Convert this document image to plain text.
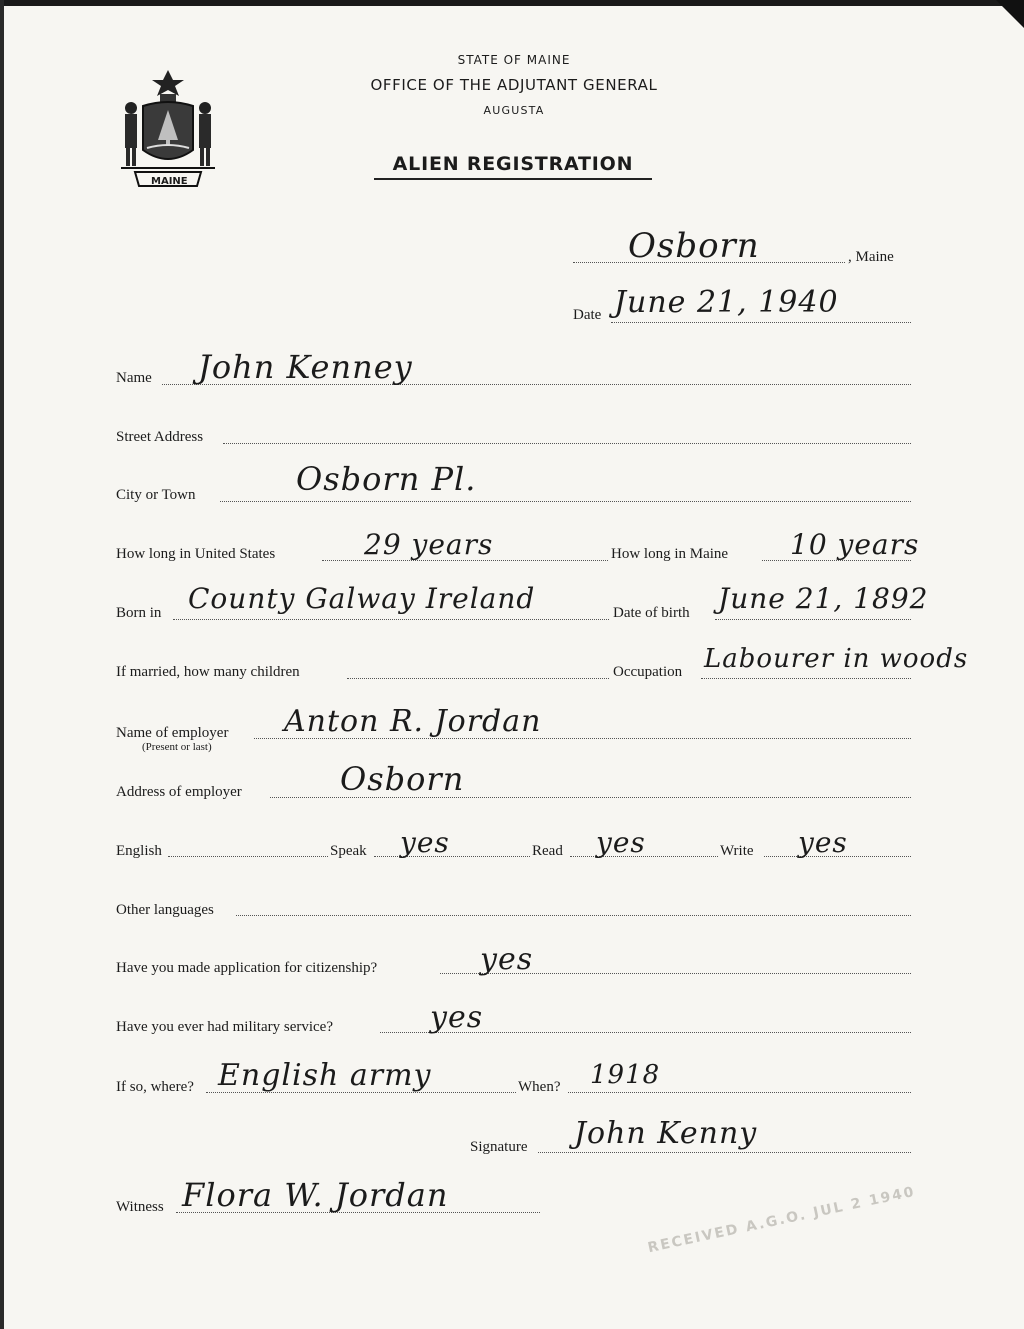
MAINE
STATE OF MAINE
OFFICE OF THE ADJUTANT GENERAL
AUGUSTA
ALIEN REGISTRATION
Osborn	, Maine
Date June 21, 1940
Name John Kenney
Street Address
City or Town	Osborn Pl.
How long in United States	29 years	How long in Maine 10 years
Born in County Galway Ireland	Date of birth June 21, 1892
If married, how many children	Occupation Labourer in woods
Name of employer
(Present or last)
Anton R. Jordan
Address of employer	Osborn
English	Speak yes	Read yes	Write yes
Other languages
Have you made application for citizenship?	yes
Have you ever had military service?	yes
If so, where? English army	When? 1918
Signature John Kenny
Witness Flora W. Jordan	RECEIVED A.G.O. JUL 2 1940
